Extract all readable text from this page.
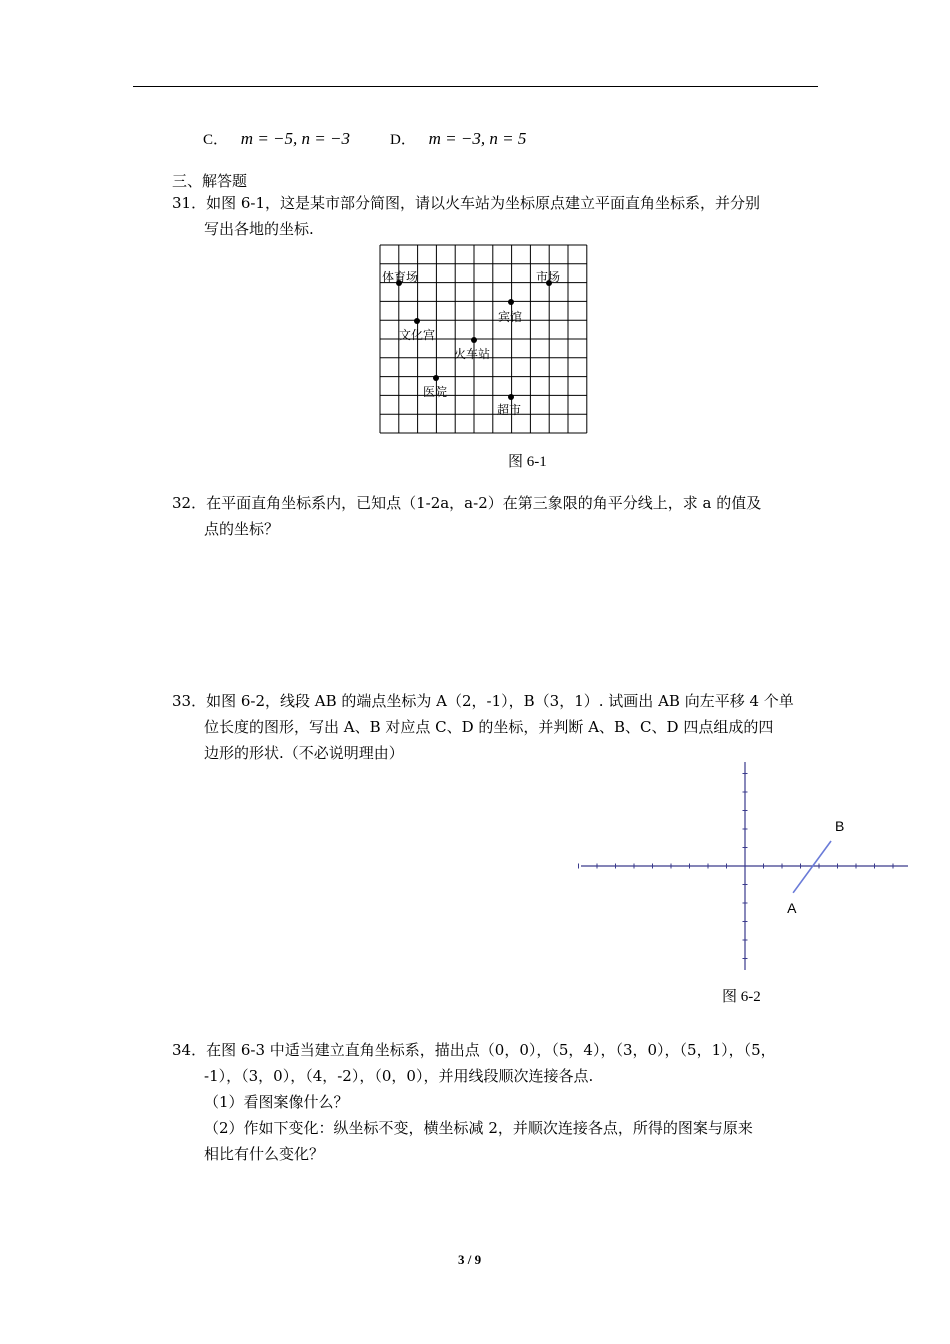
C． m = −5, n = −3	D． m = −3, n = 5
三、解答题
31．如图 6-1，这是某市部分简图，请以火车站为坐标原点建立平面直角坐标系，并分别
写出各地的坐标.
体育场	市场
宾馆
文化宫
火车站
医院
超市
图 6-1
32．在平面直角坐标系内，已知点（1-2a，a-2）在第三象限的角平分线上，求 a 的值及
点的坐标？
33．如图 6-2，线段 AB 的端点坐标为 A（2，-1），B（3，1）. 试画出 AB 向左平移 4 个单
位长度的图形，写出 A、B 对应点 C、D 的坐标，并判断 A、B、C、D 四点组成的四
边形的形状.（不必说明理由）
A
B
图 6-2
34．在图 6-3 中适当建立直角坐标系，描出点（0，0），（5，4），（3，0），（5，1），（5，
-1），（3，0），（4，-2），（0，0），并用线段顺次连接各点.
（1）看图案像什么？
（2）作如下变化：纵坐标不变，横坐标减 2，并顺次连接各点，所得的图案与原来
相比有什么变化？
3 / 9
